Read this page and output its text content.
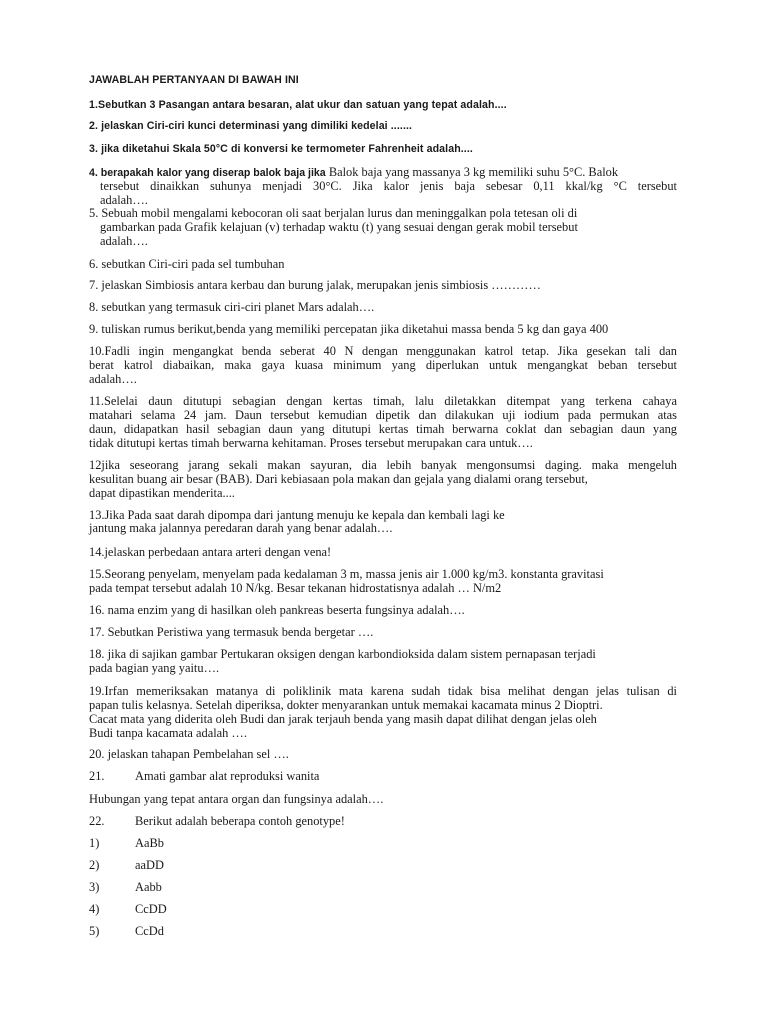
JAWABLAH PERTANYAAN DI BAWAH INI
1.Sebutkan 3 Pasangan antara besaran, alat ukur dan satuan yang tepat adalah....
2. jelaskan Ciri-ciri kunci determinasi yang dimiliki kedelai .......
3. jika diketahui Skala 50°C di konversi ke termometer Fahrenheit adalah....
4. berapakah kalor yang diserap balok baja jika Balok baja yang massanya 3 kg memiliki suhu 5°C. Balok
tersebut dinaikkan suhunya menjadi 30°C. Jika kalor jenis baja sebesar 0,11 kkal/kg °C tersebut
adalah….
5. Sebuah mobil mengalami kebocoran oli saat berjalan lurus dan meninggalkan pola tetesan oli di
gambarkan pada Grafik kelajuan (v) terhadap waktu (t) yang sesuai dengan gerak mobil tersebut
adalah….
6. sebutkan Ciri-ciri pada sel tumbuhan
7. jelaskan Simbiosis antara kerbau dan burung jalak, merupakan jenis simbiosis …………
8. sebutkan yang termasuk ciri-ciri planet Mars adalah….
9. tuliskan rumus berikut,benda yang memiliki percepatan jika diketahui massa benda 5 kg dan gaya 400
10.Fadli ingin mengangkat benda seberat 40 N dengan menggunakan katrol tetap. Jika gesekan tali dan
berat katrol diabaikan, maka gaya kuasa minimum yang diperlukan untuk mengangkat beban tersebut
adalah….
11.Selelai daun ditutupi sebagian dengan kertas timah, lalu diletakkan ditempat yang terkena cahaya
matahari selama 24 jam. Daun tersebut kemudian dipetik dan dilakukan uji iodium pada permukan atas
daun, didapatkan hasil sebagian daun yang ditutupi kertas timah berwarna coklat dan sebagian daun yang
tidak ditutupi kertas timah berwarna kehitaman. Proses tersebut merupakan cara untuk….
12jika seseorang jarang sekali makan sayuran, dia lebih banyak mengonsumsi daging. maka mengeluh
kesulitan buang air besar (BAB). Dari kebiasaan pola makan dan gejala yang dialami orang tersebut,
dapat dipastikan menderita....
13.Jika Pada saat darah dipompa dari jantung menuju ke kepala dan kembali lagi ke
jantung maka jalannya peredaran darah yang benar adalah….
14.jelaskan perbedaan antara arteri dengan vena!
15.Seorang penyelam, menyelam pada kedalaman 3 m, massa jenis air 1.000 kg/m3. konstanta gravitasi
pada tempat tersebut adalah 10 N/kg. Besar tekanan hidrostatisnya adalah … N/m2
16. nama enzim yang di hasilkan oleh pankreas beserta fungsinya adalah….
17. Sebutkan Peristiwa yang termasuk benda bergetar ….
18. jika di sajikan gambar Pertukaran oksigen dengan karbondioksida dalam sistem pernapasan terjadi
pada bagian yang yaitu….
19.Irfan memeriksakan matanya di poliklinik mata karena sudah tidak bisa melihat dengan jelas tulisan di
papan tulis kelasnya. Setelah diperiksa, dokter menyarankan untuk memakai kacamata minus 2 Dioptri.
Cacat mata yang diderita oleh Budi dan jarak terjauh benda yang masih dapat dilihat dengan jelas oleh
Budi tanpa kacamata adalah ….
20. jelaskan tahapan Pembelahan sel ….
21. Amati gambar alat reproduksi wanita
Hubungan yang tepat antara organ dan fungsinya adalah….
22. Berikut adalah beberapa contoh genotype!
1)	AaBb
2)	aaDD
3)	Aabb
4)	CcDD
5)	CcDd
